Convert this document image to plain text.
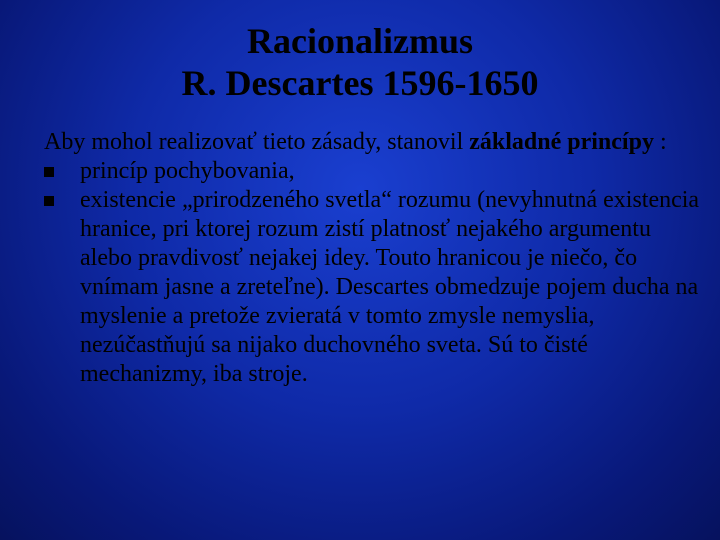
Racionalizmus
R. Descartes 1596-1650

Aby mohol realizovať tieto zásady, stanovil základné princípy :

princíp pochybovania,
existencie „prirodzeného svetla“ rozumu (nevyhnutná existencia hranice, pri ktorej rozum zistí platnosť nejakého argumentu alebo pravdivosť nejakej idey. Touto hranicou je niečo, čo vnímam jasne a zreteľne). Descartes obmedzuje pojem ducha na myslenie a pretože zvieratá v tomto zmysle nemyslia, nezúčastňujú sa nijako duchovného sveta. Sú to čisté mechanizmy, iba stroje.
